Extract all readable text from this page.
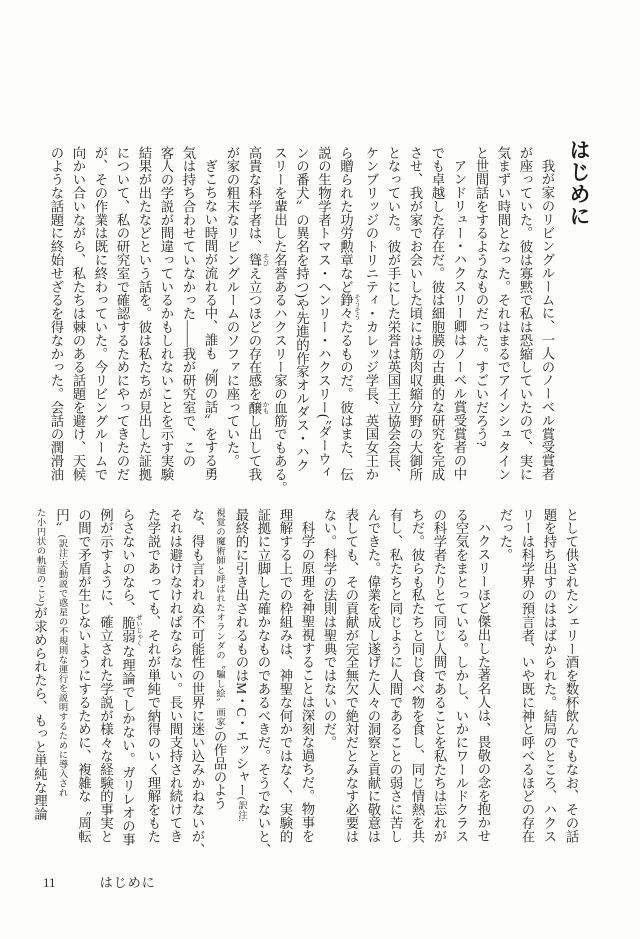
はじめに
我が家のリビングルームに、一人のノーベル賞受賞者
が座っていた。彼は寡黙で私は恐縮していたので、実に
気まずい時間となった。それはまるでアインシュタイン
と世間話をするようなものだった。すごいだろう?
アンドリュー・ハクスリー卿はノーベル賞受賞者の中
でも卓越した存在だ。彼は細胞膜の古典的な研究を完成
させ、我が家でお会いした頃には筋肉収縮分野の大御所
となっていた。彼が手にした栄誉は英国王立協会会長、
ケンブリッジのトリニティ・カレッジ学長、英国女王か
ら贈られた功労勲章など錚々 そうそうたるものだ。彼はまた、伝
説の生物学者トマス・ヘンリー・ハクスリー(〝ダーウィ
ンの番犬〟の異名を持つ)や先進的作家オルダス・ハク
スリーを輩出した名誉あるハクスリー家の血筋でもある。
高貴な科学者は、聳 そびえ立つほどの存在感を醸 かもし出して我
が家の粗末なリビングルームのソファに座っていた。
ぎこちない時間が流れる中、誰も〝例の話〟をする勇
気は持ち合わせていなかった――我が研究室で、この
客人の学説が間違っているかもしれないことを示す実験
結果が出たなどという話を。彼は私たちが見出した証拠
について、私の研究室で確認するためにやってきたのだ
が、その作業は既に終わっていた。今リビングルームで
向かい合いながら、私たちは棘のある話題を避け、天候
のような話題に終始せざるを得なかった。会話の潤滑油
として供されたシェリー酒を数杯飲んでもなお、その話
題を持ち出すのははばかられた。結局のところ、ハクス
リーは科学界の預言者、いや既に神と呼べるほどの存在
だった。
ハクスリーほど傑出した著名人は、畏敬の念を抱かせ
る空気をまとっている。しかし、いかにワールドクラス
の科学者たりとて同じ人間であることを私たちは忘れが
ちだ。彼らも私たちと同じ食べ物を食し、同じ情熱を共
有し、私たちと同じように人間であることの弱さに苦し
んできた。偉業を成し遂げた人々の洞察と貢献に敬意は
表しても、その貢献が完全無欠で絶対だとみなす必要は
ない。科学の法則は聖典ではないのだ。
科学の原理を神聖視することは深刻な過ちだ。物事を
理解する上での枠組みは、神聖な何かではなく、実験的
証拠に立脚した確かなものであるべきだ。そうでないと、
最終的に引き出されるものはM・C・エッシャー(訳注:
視覚の魔術師と呼ばれたオランダの〝騙し絵〟画家)の作品のよう
な、得も言われぬ不可能性の世界に迷い込みかねないが、
それは避けなければならない。長い間支持され続けてき
た学説であっても、それが単純で納得のいく理解をもた
らさないのなら、脆弱 ぜいじゃくな理論でしかない。ガリレオの事
例が示すように、確立された学説が様々な経験的事実と
の間で矛盾が生じないようにするために、複雑な〝周転
円〟(訳注:天動説で惑星の不規則な運行を説明するために導入され
た小円状の軌道のこと)が求められたら、もっと単純な理論
11	はじめに
